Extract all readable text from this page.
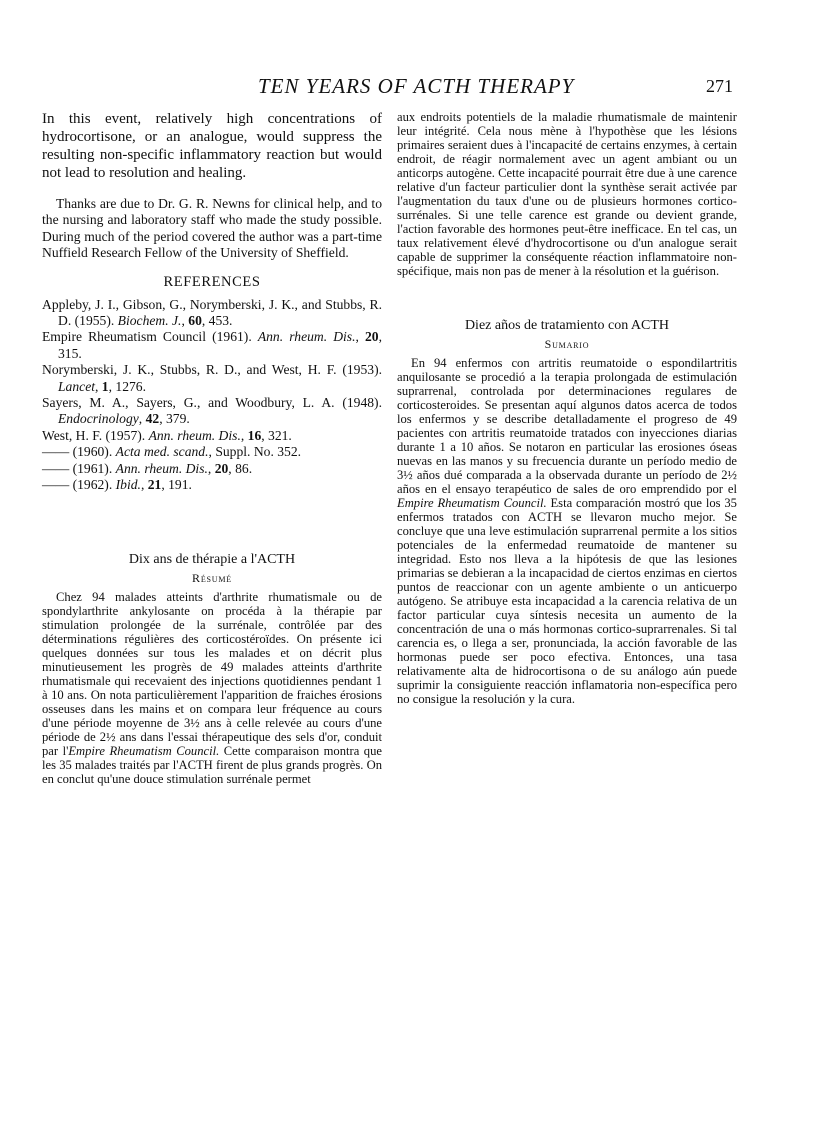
TEN YEARS OF ACTH THERAPY	271

In this event, relatively high concentrations of hydrocortisone, or an analogue, would suppress the resulting non-specific inflammatory reaction but would not lead to resolution and healing.

Thanks are due to Dr. G. R. Newns for clinical help, and to the nursing and laboratory staff who made the study possible. During much of the period covered the author was a part-time Nuffield Research Fellow of the University of Sheffield.

REFERENCES

Appleby, J. I., Gibson, G., Norymberski, J. K., and Stubbs, R. D. (1955). Biochem. J., 60, 453.

Empire Rheumatism Council (1961). Ann. rheum. Dis., 20, 315.

Norymberski, J. K., Stubbs, R. D., and West, H. F. (1953). Lancet, 1, 1276.

Sayers, M. A., Sayers, G., and Woodbury, L. A. (1948). Endocrinology, 42, 379.

West, H. F. (1957). Ann. rheum. Dis., 16, 321.

—— (1960). Acta med. scand., Suppl. No. 352.

—— (1961). Ann. rheum. Dis., 20, 86.

—— (1962). Ibid., 21, 191.

Dix ans de thérapie a l'ACTH

Résumé

Chez 94 malades atteints d'arthrite rhumatismale ou de spondylarthrite ankylosante on procéda à la thérapie par stimulation prolongée de la surrénale, contrôlée par des déterminations régulières des corticostéroïdes. On présente ici quelques données sur tous les malades et on décrit plus minutieusement les progrès de 49 malades atteints d'arthrite rhumatismale qui recevaient des injections quotidiennes pendant 1 à 10 ans. On nota particulièrement l'apparition de fraiches érosions osseuses dans les mains et on compara leur fréquence au cours d'une période moyenne de 3½ ans à celle relevée au cours d'une période de 2½ ans dans l'essai thérapeutique des sels d'or, conduit par l'Empire Rheumatism Council. Cette comparaison montra que les 35 malades traités par l'ACTH firent de plus grands progrès. On en conclut qu'une douce stimulation surrénale permet

aux endroits potentiels de la maladie rhumatismale de maintenir leur intégrité. Cela nous mène à l'hypothèse que les lésions primaires seraient dues à l'incapacité de certains enzymes, à certain endroit, de réagir normalement avec un agent ambiant ou un anticorps autogène. Cette incapacité pourrait être due à une carence relative d'un facteur particulier dont la synthèse serait activée par l'augmentation du taux d'une ou de plusieurs hormones cortico-surrénales. Si une telle carence est grande ou devient grande, l'action favorable des hormones peut-être inefficace. En tel cas, un taux relativement élevé d'hydrocortisone ou d'un analogue serait capable de supprimer la conséquente réaction inflammatoire non-spécifique, mais non pas de mener à la résolution et la guérison.

Diez años de tratamiento con ACTH

Sumario

En 94 enfermos con artritis reumatoide o espondilartritis anquilosante se procedió a la terapia prolongada de estimulación suprarrenal, controlada por determinaciones regulares de corticosteroides. Se presentan aquí algunos datos acerca de todos los enfermos y se describe detalladamente el progreso de 49 pacientes con artritis reumatoide tratados con inyecciones diarias durante 1 a 10 años. Se notaron en particular las erosiones óseas nuevas en las manos y su frecuencia durante un período medio de 3½ años dué comparada a la observada durante un período de 2½ años en el ensayo terapéutico de sales de oro emprendido por el Empire Rheumatism Council. Esta comparación mostró que los 35 enfermos tratados con ACTH se llevaron mucho mejor. Se concluye que una leve estimulación suprarrenal permite a los sitios potenciales de la enfermedad reumatoide de mantener su integridad. Esto nos lleva a la hipótesis de que las lesiones primarias se debieran a la incapacidad de ciertos enzimas en ciertos puntos de reaccionar con un agente ambiente o un anticuerpo autógeno. Se atribuye esta incapacidad a la carencia relativa de un factor particular cuya síntesis necesita un aumento de la concentración de una o más hormonas cortico-suprarrenales. Si tal carencia es, o llega a ser, pronunciada, la acción favorable de las hormonas puede ser poco efectiva. Entonces, una tasa relativamente alta de hidrocortisona o de su análogo aún puede suprimir la consiguiente reacción inflamatoria non-específica pero no consigue la resolución y la cura.
